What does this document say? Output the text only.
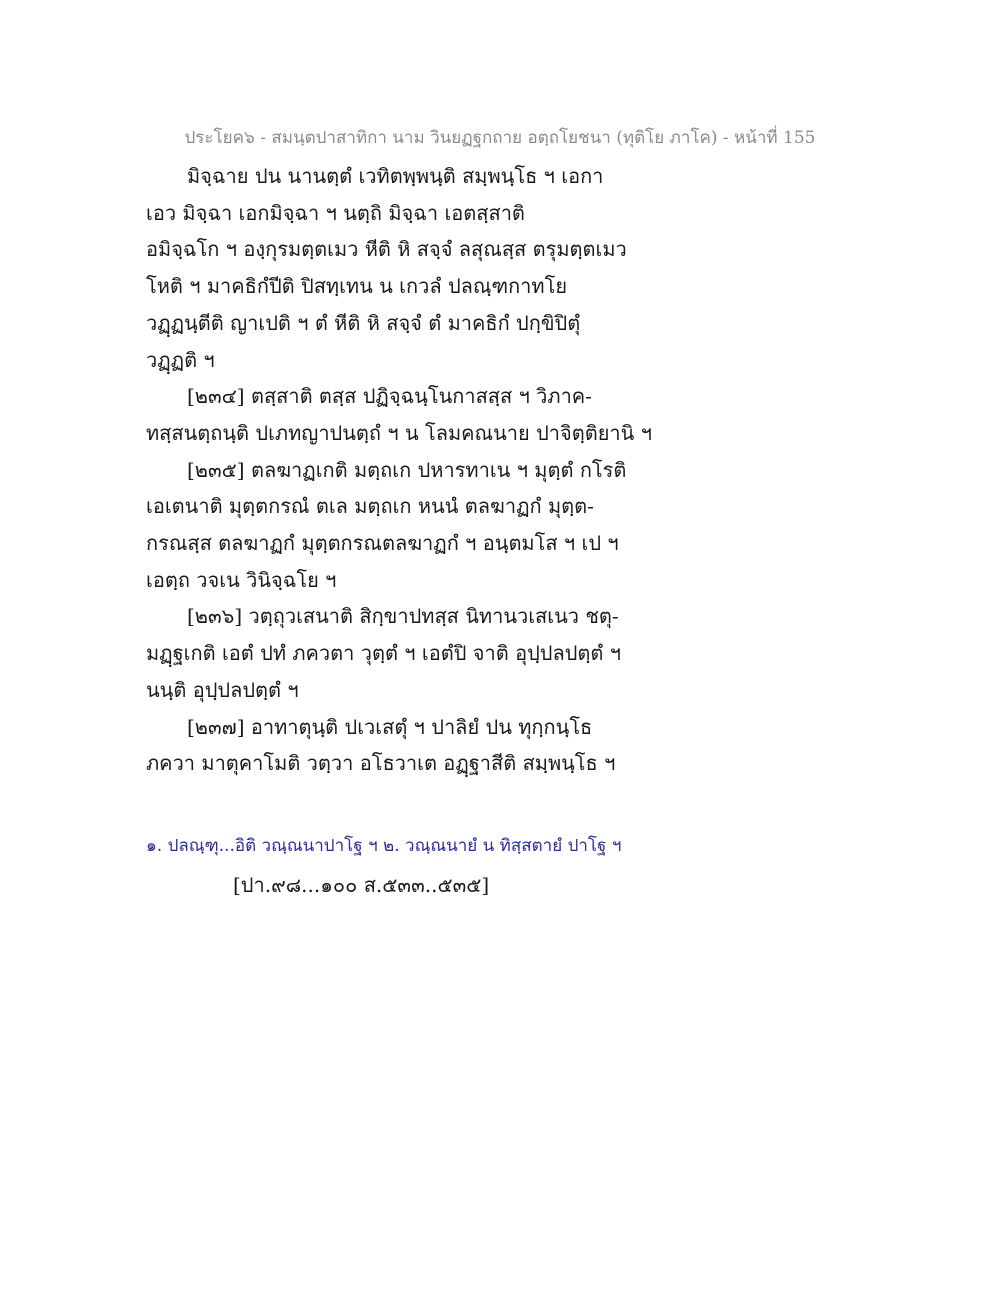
ประโยค๖ - สมนฺตปาสาทิกา นาม วินยฏฐกถาย อตฺถโยชนา (ทุติโย ภาโค) - หน้าที่ 155
มิจฺฉาย ปน นานตฺตํ เวทิตพฺพนฺติ สมฺพนฺโธ ฯ เอกา
เอว มิจฺฉา เอกมิจฺฉา ฯ นตฺถิ มิจฺฉา เอตสฺสาติ
อมิจฺฉโก ฯ องฺกุรมตฺตเมว หีติ หิ สจฺจํ ลสุณสฺส ตรุมตฺตเมว
โหติ ฯ มาคธิกํปีติ ปิสทฺเทน น เกวลํ ปลณฺฑกาทโย
วฏฺฏนฺตีติ ญาเปติ ฯ ตํ หีติ หิ สจฺจํ ตํ มาคธิกํ ปกฺขิปิตุํ
วฏฺฏติ ฯ
[๒๓๔] ตสฺสาติ ตสฺส ปฏิจฺฉนฺโนกาสสฺส ฯ วิภาค-
ทสฺสนตฺถนฺติ ปเภทญาปนตฺถํ ฯ น โลมคณนาย ปาจิตฺติยานิ ฯ
[๒๓๕] ตลฆาฏเกติ มตฺถเก ปหารทาเน ฯ มุตฺตํ กโรติ
เอเตนาติ มุตฺตกรณํ ตเล มตฺถเก หนนํ ตลฆาฏกํ มุตฺต-
กรณสฺส ตลฆาฏกํ มุตฺตกรณตลฆาฏกํ ฯ อนฺตมโส ฯ เป ฯ
เอตฺถ วจเน วินิจฺฉโย ฯ
[๒๓๖] วตฺถุวเสนาติ สิกฺขาปทสฺส นิทานวเสเนว ชตุ-
มฏฺฐเกติ เอตํ ปทํ ภควตา วุตฺตํ ฯ เอตํปิ จาติ อุปฺปลปตฺตํ ฯ
นนฺติ อุปฺปลปตฺตํ ฯ
[๒๓๗] อาทาตุนฺติ ปเวเสตุํ ฯ ปาลิยํ ปน ทุกฺกนฺโธ
ภควา มาตุคาโมติ วตฺวา อโธวาเต อฏฺฐาสีติ สมฺพนฺโธ ฯ
๑. ปลณฺฑุ...อิติ วณฺณนาปาโฐ ฯ ๒. วณฺณนายํ น ทิสฺสตายํ ปาโฐ ฯ
[ปา.๙๘...๑๐๐ ส.๕๓๓..๕๓๕]
